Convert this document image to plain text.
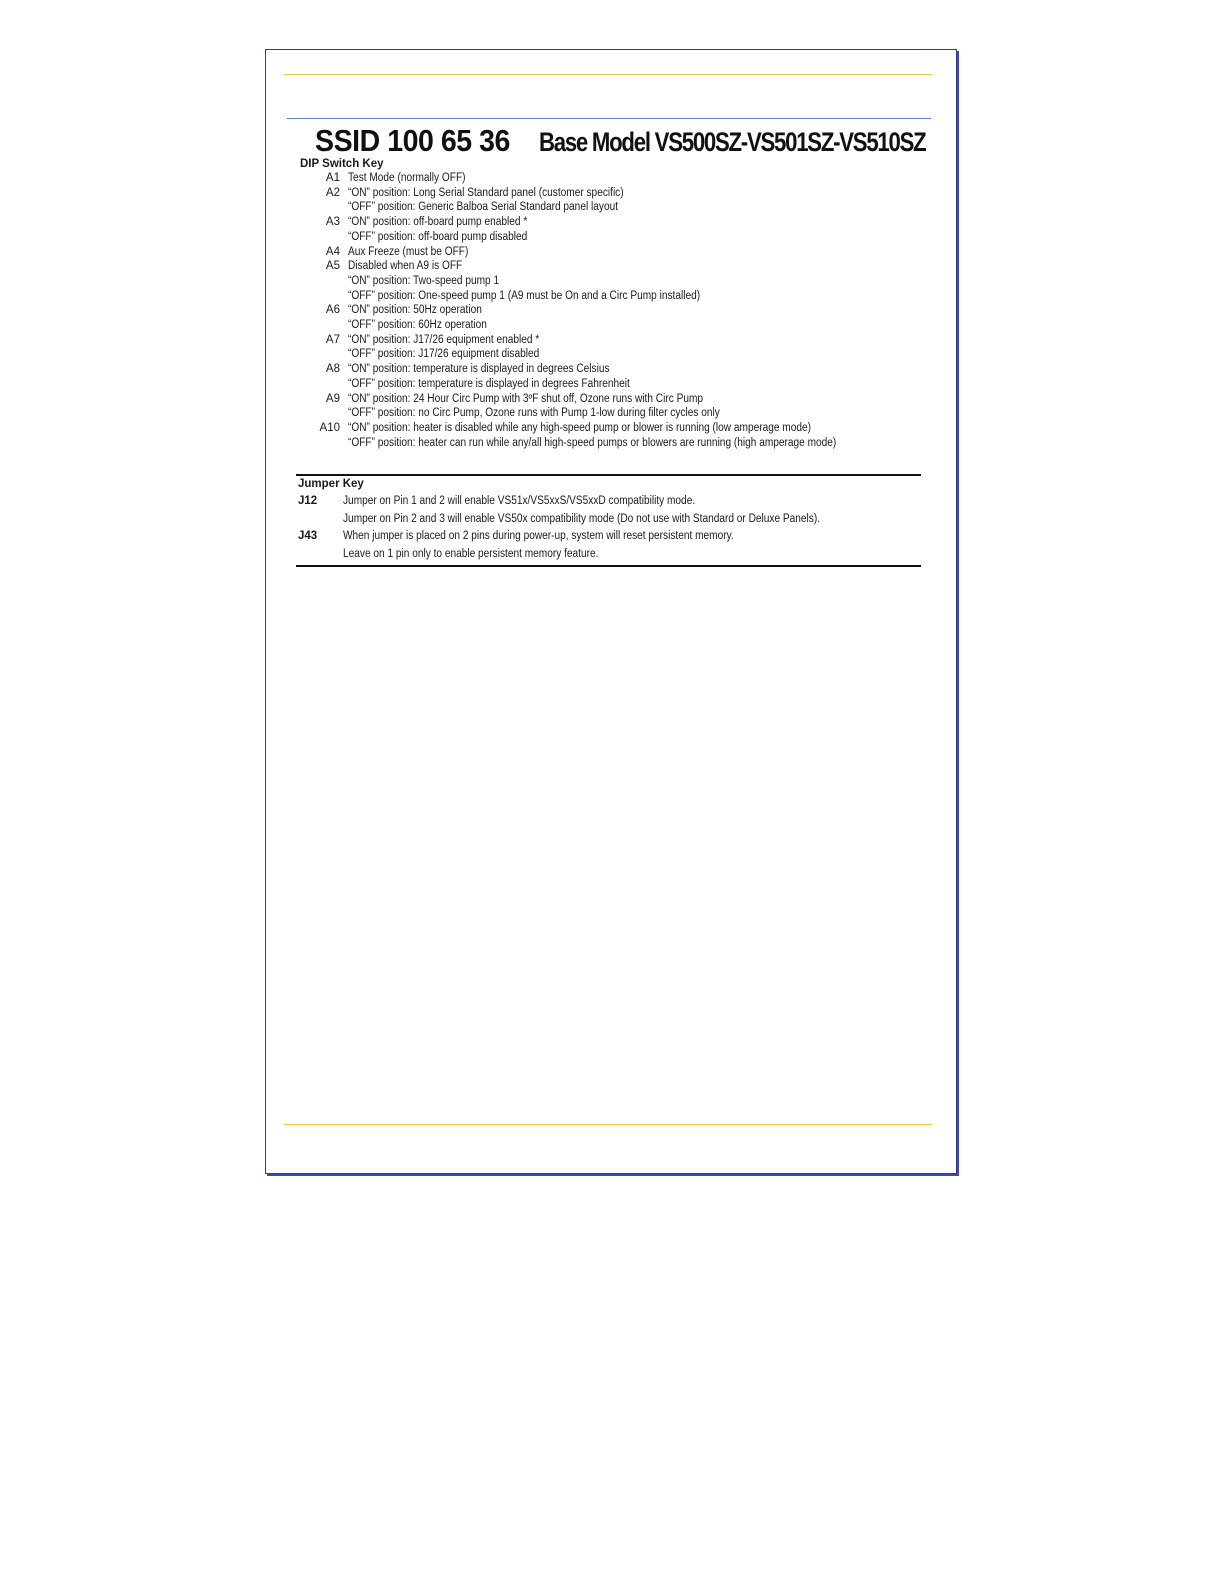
SSID 100 65 36 Base Model VS500SZ-VS501SZ-VS510SZ
DIP Switch Key
Jumper Key
A1 Test Mode (normally OFF)
A2 “ON” position: Long Serial Standard panel (customer specific)
“OFF” position: Generic Balboa Serial Standard panel layout
A3 “ON” position: off-board pump enabled *
“OFF” position: off-board pump disabled
A4 Aux Freeze (must be OFF)
A5 Disabled when A9 is OFF
“ON” position: Two-speed pump 1
“OFF” position: One-speed pump 1 (A9 must be On and a Circ Pump installed)
A6 “ON” position: 50Hz operation
“OFF” position: 60Hz operation
A7 “ON” position: J17/26 equipment enabled *
“OFF” position: J17/26 equipment disabled
A8 “ON” position: temperature is displayed in degrees Celsius
“OFF” position: temperature is displayed in degrees Fahrenheit
A9 “ON” position: 24 Hour Circ Pump with 3ºF shut off, Ozone runs with Circ Pump
“OFF” position: no Circ Pump, Ozone runs with Pump 1-low during filter cycles only
A10 “ON” position: heater is disabled while any high-speed pump or blower is running (low amperage mode)
“OFF” position: heater can run while any/all high-speed pumps or blowers are running (high amperage mode)
J12 Jumper on Pin 1 and 2 will enable VS51x/VS5xxS/VS5xxD compatibility mode.
Jumper on Pin 2 and 3 will enable VS50x compatibility mode (Do not use with Standard or Deluxe Panels).
J43 When jumper is placed on 2 pins during power-up, system will reset persistent memory.
Leave on 1 pin only to enable persistent memory feature.
